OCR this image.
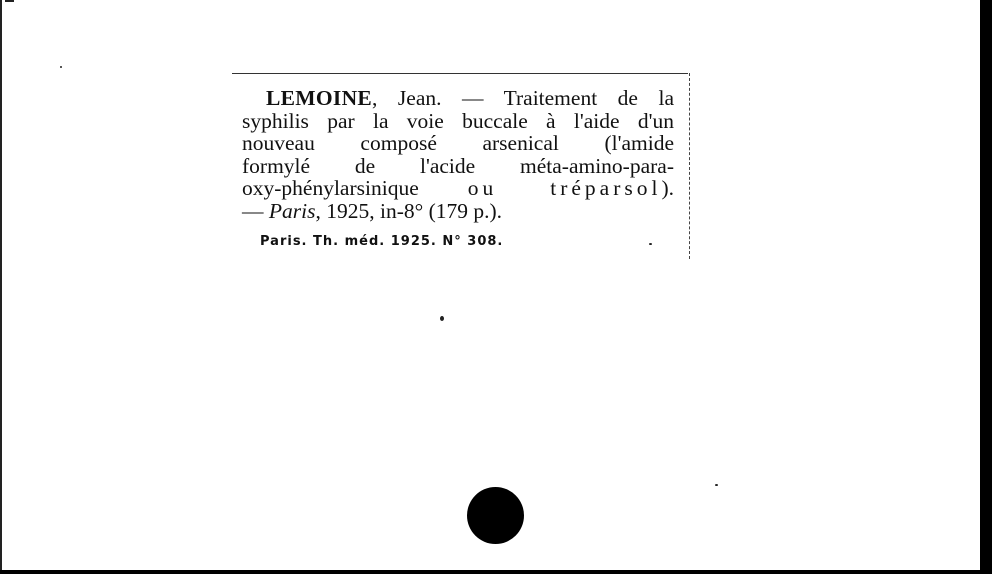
LEMOINE, Jean. — Traitement de la
syphilis par la voie buccale à l'aide d'un
nouveau composé arsenical (l'amide
formylé de l'acide méta-amino-para-
oxy-phénylarsinique ou tréparsol).
— Paris, 1925, in-8° (179 p.).
Paris. Th. méd. 1925. N° 308.
